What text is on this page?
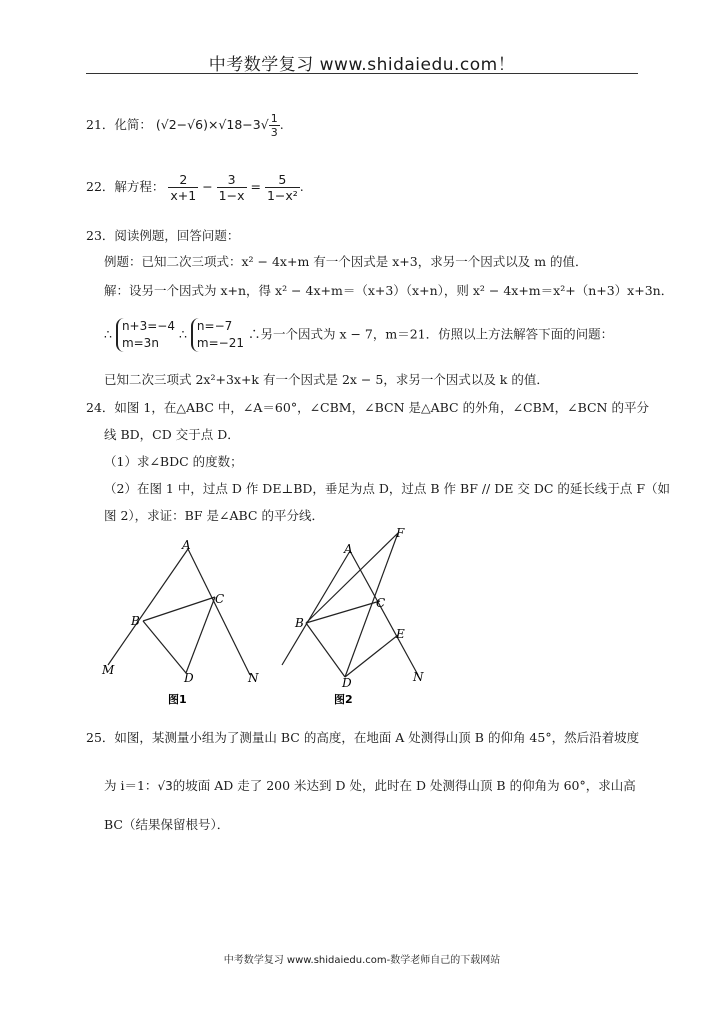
中考数学复习 www.shidaiedu.com！
21．化简： $(√2-√6)\times√18-3√ \frac{1}{3}$ .
22．解方程： $\frac{2}{x+1} - \frac{3}{1-x} = \frac{5}{\text{1−x²}}$ .
23．阅读例题，回答问题：
例题：已知二次三项式：x² − 4x+m 有一个因式是 x+3，求另一个因式以及 m 的值．
解：设另一个因式为 x+n，得 x² − 4x+m＝（x+3）（x+n），则 x² − 4x+m＝x²+（n+3）x+3n．
∴
n+3=−4
m=3n
∴
n=−7
m=−21
∴另一个因式为 x − 7，m＝21．仿照以上方法解答下面的问题：
已知二次三项式 2x²+3x+k 有一个因式是 2x − 5，求另一个因式以及 k 的值．
24．如图 1，在△ABC 中，∠A＝60°，∠CBM，∠BCN 是△ABC 的外角，∠CBM，∠BCN 的平分
线 BD，CD 交于点 D．
（1）求∠BDC 的度数；
（2）在图 1 中，过点 D 作 DE⊥BD，垂足为点 D，过点 B 作 BF // DE 交 DC 的延长线于点 F（如
图 2），求证：BF 是∠ABC 的平分线．
A
B
C
D
M
N
图1
A
B
C
D
E
F
N
图2
25．如图，某测量小组为了测量山 BC 的高度，在地面 A 处测得山顶 B 的仰角 45°，然后沿着坡度
为 i＝1：√3的坡面 AD 走了 200 米达到 D 处，此时在 D 处测得山顶 B 的仰角为 60°，求山高
BC（结果保留根号）．
中考数学复习 www.shidaiedu.com-数学老师自己的下载网站
